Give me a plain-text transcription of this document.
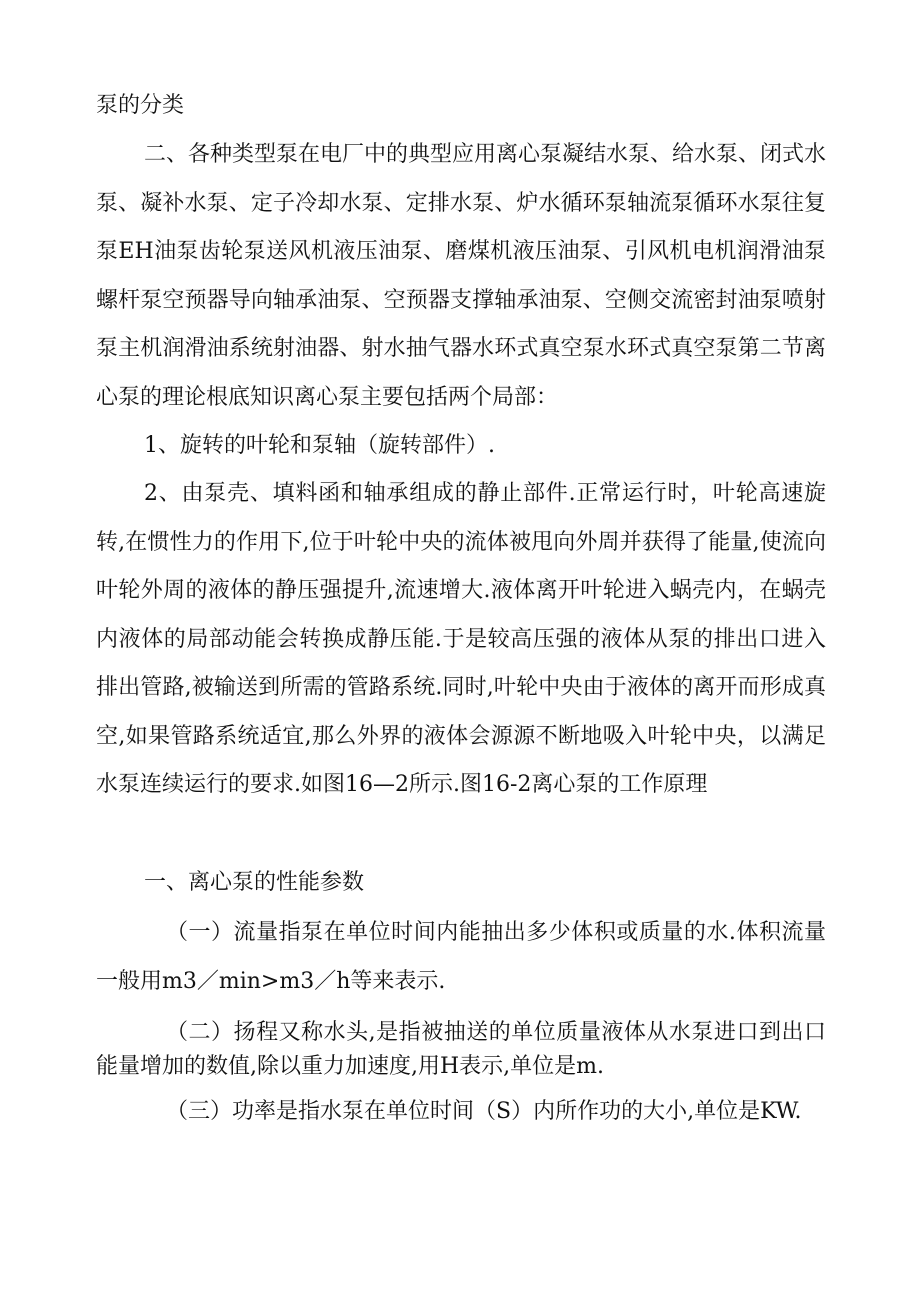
泵的分类

二、各种类型泵在电厂中的典型应用离心泵凝结水泵、给水泵、闭式水泵、凝补水泵、定子冷却水泵、定排水泵、炉水循环泵轴流泵循环水泵往复泵EH油泵齿轮泵送风机液压油泵、磨煤机液压油泵、引风机电机润滑油泵螺杆泵空预器导向轴承油泵、空预器支撑轴承油泵、空侧交流密封油泵喷射泵主机润滑油系统射油器、射水抽气器水环式真空泵水环式真空泵第二节离心泵的理论根底知识离心泵主要包括两个局部：

1、旋转的叶轮和泵轴（旋转部件）.

2、由泵壳、填料函和轴承组成的静止部件.正常运行时，叶轮高速旋转,在惯性力的作用下,位于叶轮中央的流体被甩向外周并获得了能量,使流向叶轮外周的液体的静压强提升,流速增大.液体离开叶轮进入蜗壳内，在蜗壳内液体的局部动能会转换成静压能.于是较高压强的液体从泵的排出口进入排出管路,被输送到所需的管路系统.同时,叶轮中央由于液体的离开而形成真空,如果管路系统适宜,那么外界的液体会源源不断地吸入叶轮中央，以满足水泵连续运行的要求.如图16—2所示.图16-2离心泵的工作原理

一、离心泵的性能参数

（一）流量指泵在单位时间内能抽出多少体积或质量的水.体积流量一般用m3／min>m3／h等来表示.

（二）扬程又称水头,是指被抽送的单位质量液体从水泵进口到出口能量增加的数值,除以重力加速度,用H表示,单位是m.

（三）功率是指水泵在单位时间（S）内所作功的大小,单位是KW.
